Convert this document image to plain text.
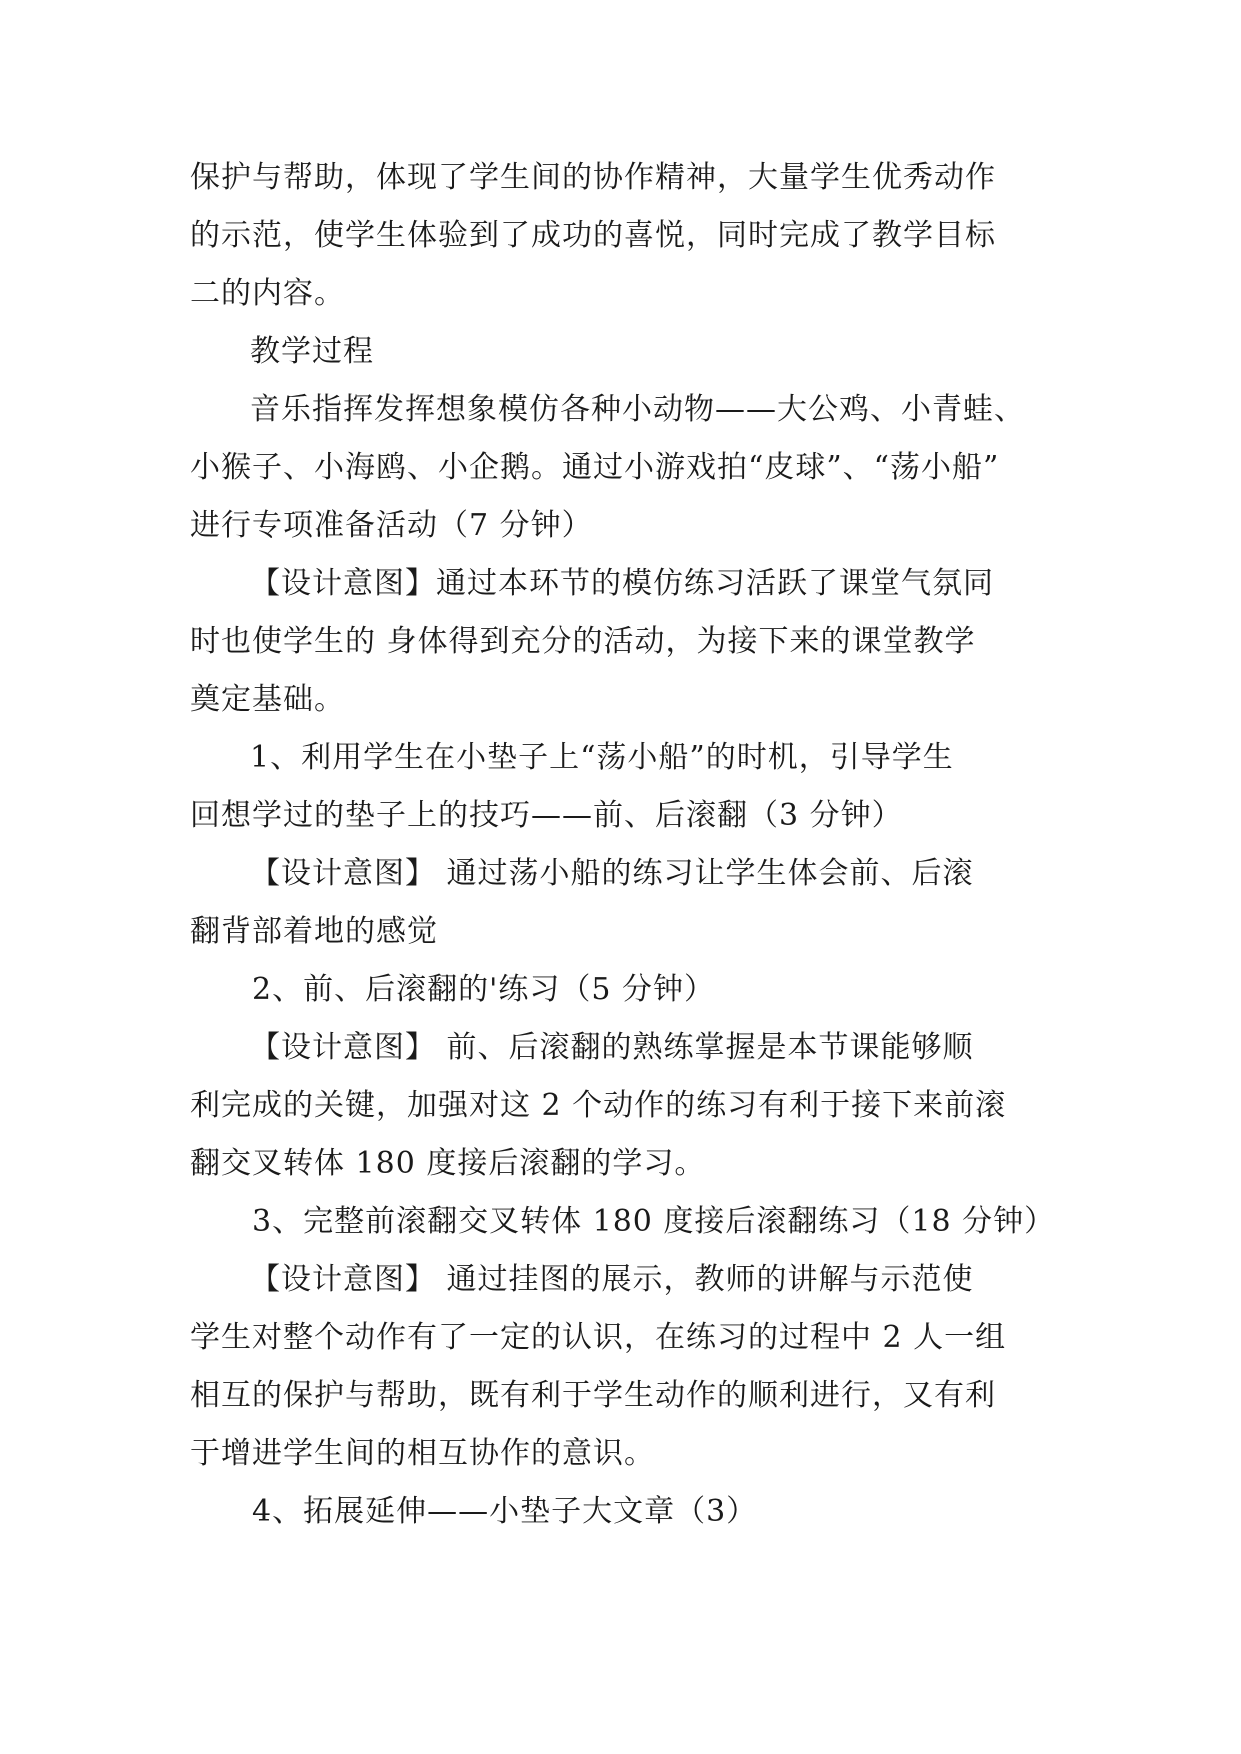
保护与帮助，体现了学生间的协作精神，大量学生优秀动作

的示范，使学生体验到了成功的喜悦，同时完成了教学目标

二的内容。

教学过程

音乐指挥发挥想象模仿各种小动物——大公鸡、小青蛙、

小猴子、小海鸥、小企鹅。通过小游戏拍“皮球”、“荡小船”

进行专项准备活动（7 分钟）

【设计意图】通过本环节的模仿练习活跃了课堂气氛同

时也使学生的 身体得到充分的活动，为接下来的课堂教学

奠定基础。

1、利用学生在小垫子上“荡小船”的时机，引导学生

回想学过的垫子上的技巧——前、后滚翻（3 分钟）

【设计意图】 通过荡小船的练习让学生体会前、后滚

翻背部着地的感觉

2、前、后滚翻的'练习（5 分钟）

【设计意图】 前、后滚翻的熟练掌握是本节课能够顺

利完成的关键，加强对这 2 个动作的练习有利于接下来前滚

翻交叉转体 180 度接后滚翻的学习。

3、完整前滚翻交叉转体 180 度接后滚翻练习（18 分钟）

【设计意图】 通过挂图的展示，教师的讲解与示范使

学生对整个动作有了一定的认识，在练习的过程中 2 人一组

相互的保护与帮助，既有利于学生动作的顺利进行，又有利

于增进学生间的相互协作的意识。

4、拓展延伸——小垫子大文章（3）
